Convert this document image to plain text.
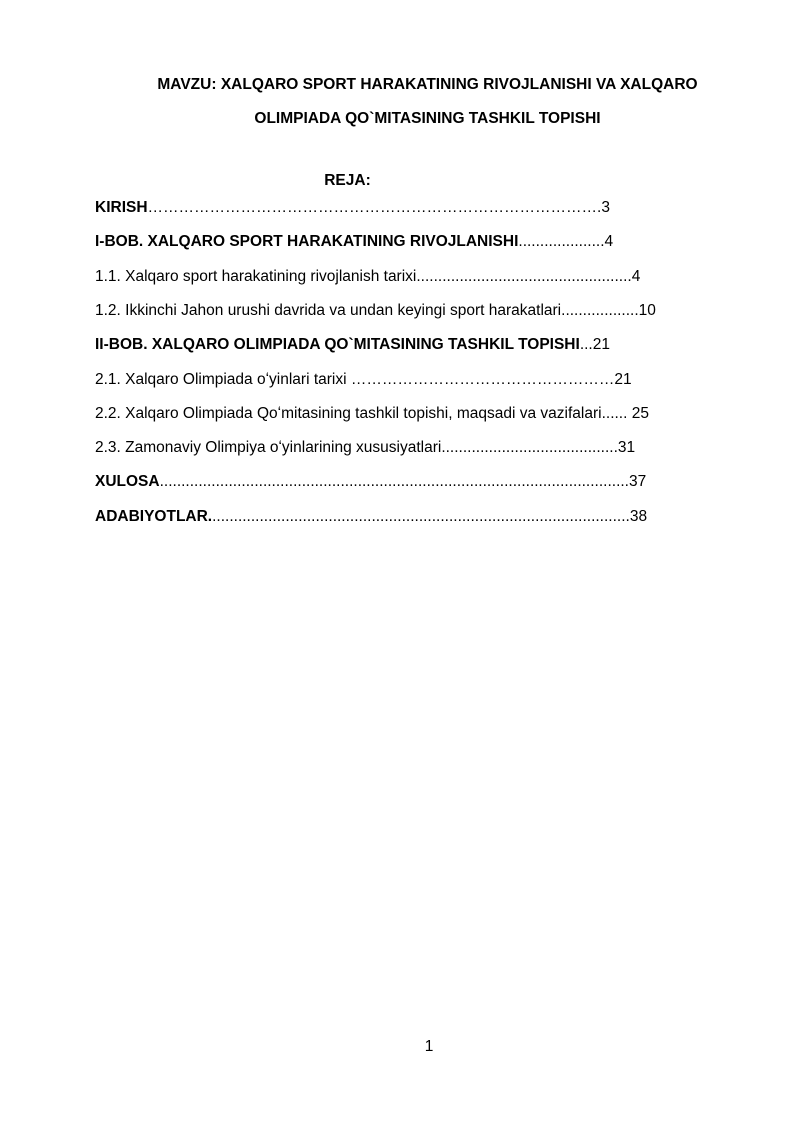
MAVZU: XALQARO SPORT HARAKATINING RIVOJLANISHI VA XALQARO
OLIMPIADA QO`MITASINING TASHKIL TOPISHI
REJA:
KIRISH…………………………………………………………………………….3
I-BOB. XALQARO SPORT HARAKATINING RIVOJLANISHI....................4
1.1. Xalqaro sport harakatining rivojlanish tarixi..................................................4
1.2. Ikkinchi Jahon urushi davrida va undan keyingi sport harakatlari..................10
II-BOB. XALQARO OLIMPIADA QO`MITASINING TASHKIL TOPISHI...21
2.1. Xalqaro Olimpiada oʻyinlari tarixi ……………………………………………21
2.2. Xalqaro Olimpiada Qoʻmitasining tashkil topishi, maqsadi va vazifalari...... 25
2.3. Zamonaviy Olimpiya oʻyinlarining xususiyatlari.........................................31
XULOSA.............................................................................................................37
ADABIYOTLAR..................................................................................................38
1
